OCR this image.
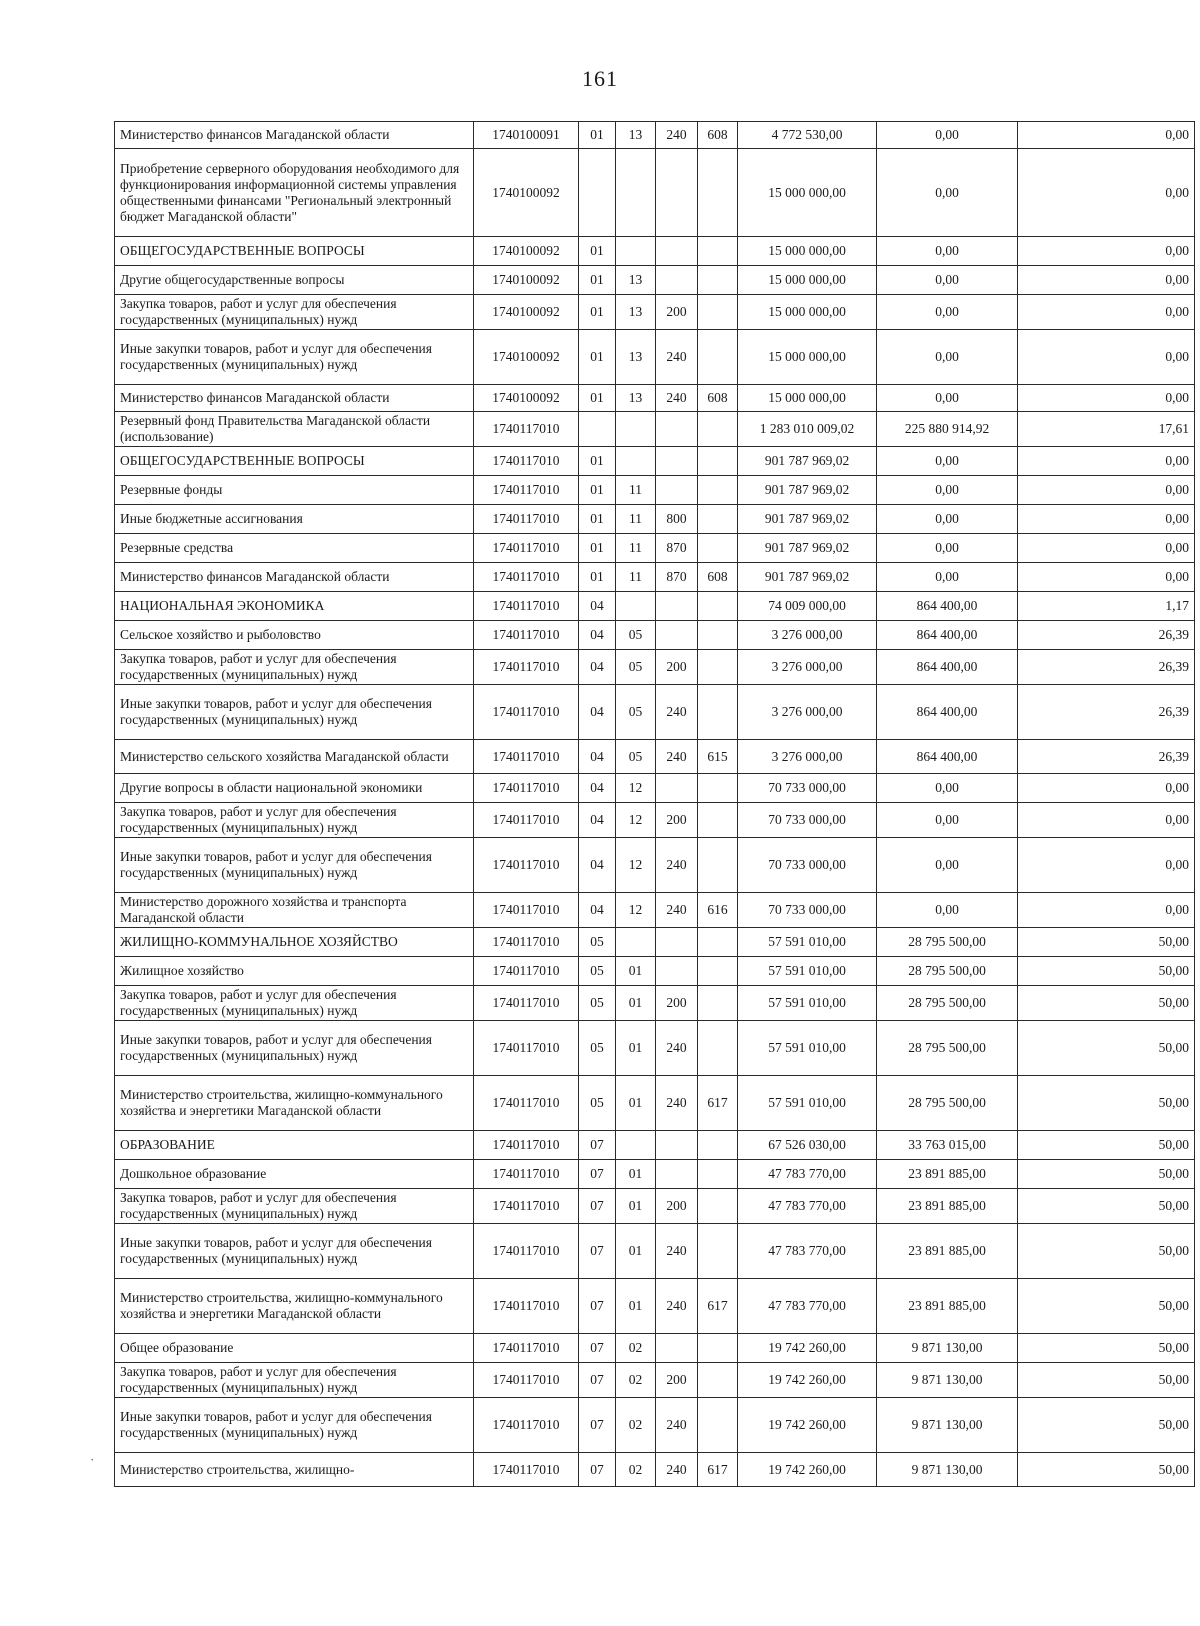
161
·
Министерство финансов Магаданской области	1740100091	01	13	240	608	4 772 530,00	0,00	0,00
Приобретение серверного оборудования необходимого для функционирования информационной системы управления общественными финансами "Региональный электронный бюджет Магаданской области"	1740100092					15 000 000,00	0,00	0,00
ОБЩЕГОСУДАРСТВЕННЫЕ ВОПРОСЫ	1740100092	01				15 000 000,00	0,00	0,00
Другие общегосударственные вопросы	1740100092	01	13			15 000 000,00	0,00	0,00
Закупка товаров, работ и услуг для обеспечения государственных (муниципальных) нужд	1740100092	01	13	200		15 000 000,00	0,00	0,00
Иные закупки товаров, работ и услуг для обеспечения государственных (муниципальных) нужд	1740100092	01	13	240		15 000 000,00	0,00	0,00
Министерство финансов Магаданской области	1740100092	01	13	240	608	15 000 000,00	0,00	0,00
Резервный фонд Правительства Магаданской области (использование)	1740117010					1 283 010 009,02	225 880 914,92	17,61
ОБЩЕГОСУДАРСТВЕННЫЕ ВОПРОСЫ	1740117010	01				901 787 969,02	0,00	0,00
Резервные фонды	1740117010	01	11			901 787 969,02	0,00	0,00
Иные бюджетные ассигнования	1740117010	01	11	800		901 787 969,02	0,00	0,00
Резервные средства	1740117010	01	11	870		901 787 969,02	0,00	0,00
Министерство финансов Магаданской области	1740117010	01	11	870	608	901 787 969,02	0,00	0,00
НАЦИОНАЛЬНАЯ ЭКОНОМИКА	1740117010	04				74 009 000,00	864 400,00	1,17
Сельское хозяйство и рыболовство	1740117010	04	05			3 276 000,00	864 400,00	26,39
Закупка товаров, работ и услуг для обеспечения государственных (муниципальных) нужд	1740117010	04	05	200		3 276 000,00	864 400,00	26,39
Иные закупки товаров, работ и услуг для обеспечения государственных (муниципальных) нужд	1740117010	04	05	240		3 276 000,00	864 400,00	26,39
Министерство сельского хозяйства Магаданской области	1740117010	04	05	240	615	3 276 000,00	864 400,00	26,39
Другие вопросы в области национальной экономики	1740117010	04	12			70 733 000,00	0,00	0,00
Закупка товаров, работ и услуг для обеспечения государственных (муниципальных) нужд	1740117010	04	12	200		70 733 000,00	0,00	0,00
Иные закупки товаров, работ и услуг для обеспечения государственных (муниципальных) нужд	1740117010	04	12	240		70 733 000,00	0,00	0,00
Министерство дорожного хозяйства и транспорта Магаданской области	1740117010	04	12	240	616	70 733 000,00	0,00	0,00
ЖИЛИЩНО-КОММУНАЛЬНОЕ ХОЗЯЙСТВО	1740117010	05				57 591 010,00	28 795 500,00	50,00
Жилищное хозяйство	1740117010	05	01			57 591 010,00	28 795 500,00	50,00
Закупка товаров, работ и услуг для обеспечения государственных (муниципальных) нужд	1740117010	05	01	200		57 591 010,00	28 795 500,00	50,00
Иные закупки товаров, работ и услуг для обеспечения государственных (муниципальных) нужд	1740117010	05	01	240		57 591 010,00	28 795 500,00	50,00
Министерство строительства, жилищно-коммунального хозяйства и энергетики Магаданской области	1740117010	05	01	240	617	57 591 010,00	28 795 500,00	50,00
ОБРАЗОВАНИЕ	1740117010	07				67 526 030,00	33 763 015,00	50,00
Дошкольное образование	1740117010	07	01			47 783 770,00	23 891 885,00	50,00
Закупка товаров, работ и услуг для обеспечения государственных (муниципальных) нужд	1740117010	07	01	200		47 783 770,00	23 891 885,00	50,00
Иные закупки товаров, работ и услуг для обеспечения государственных (муниципальных) нужд	1740117010	07	01	240		47 783 770,00	23 891 885,00	50,00
Министерство строительства, жилищно-коммунального хозяйства и энергетики Магаданской области	1740117010	07	01	240	617	47 783 770,00	23 891 885,00	50,00
Общее образование	1740117010	07	02			19 742 260,00	9 871 130,00	50,00
Закупка товаров, работ и услуг для обеспечения государственных (муниципальных) нужд	1740117010	07	02	200		19 742 260,00	9 871 130,00	50,00
Иные закупки товаров, работ и услуг для обеспечения государственных (муниципальных) нужд	1740117010	07	02	240		19 742 260,00	9 871 130,00	50,00
Министерство строительства, жилищно-	1740117010	07	02	240	617	19 742 260,00	9 871 130,00	50,00
